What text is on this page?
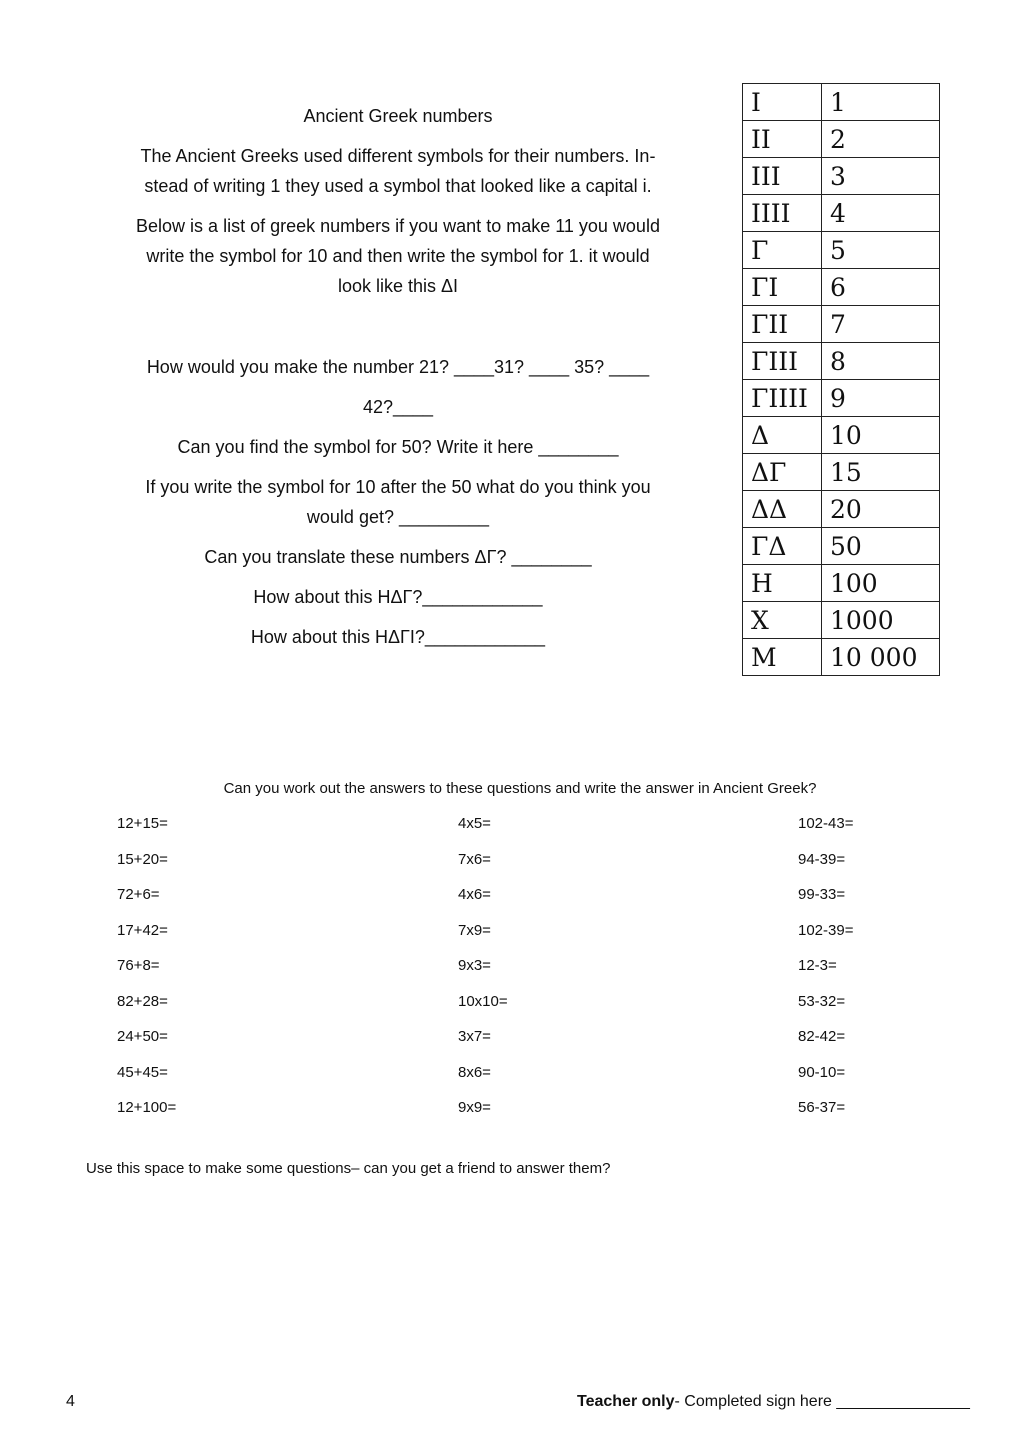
Ancient Greek numbers

The Ancient Greeks used different symbols for their numbers. In-

stead of writing 1 they used a symbol that looked like a capital i.

Below is a list of greek numbers if you want to make 11 you would

write the symbol for 10 and then write the symbol for 1. it would

look like this ΔI

How would you make the number 21? ____31? ____ 35? ____

42?____

Can you find the symbol for 50? Write it here ________

If you write the symbol for 10 after the 50 what do you think you

would get? _________

Can you translate these numbers ΔΓ? ________

How about this HΔΓ?____________

How about this HΔΓI?____________

I	1
II	2
III	3
IIII	4
Γ	5
ΓI	6
ΓII	7
ΓIII	8
ΓIIII	9
Δ	10
ΔΓ	15
ΔΔ	20
ΓΔ	50
H	100
X	1000
M	10 000
Can you work out the answers to these questions and write the answer in Ancient Greek?
12+15=
15+20=
72+6=
17+42=
76+8=
82+28=
24+50=
45+45=
12+100=
4x5=
7x6=
4x6=
7x9=
9x3=
10x10=
3x7=
8x6=
9x9=
102-43=
94-39=
99-33=
102-39=
12-3=
53-32=
82-42=
90-10=
56-37=
Use this space to make some questions– can you get a friend to answer them?
4	Teacher only- Completed sign here _______________
